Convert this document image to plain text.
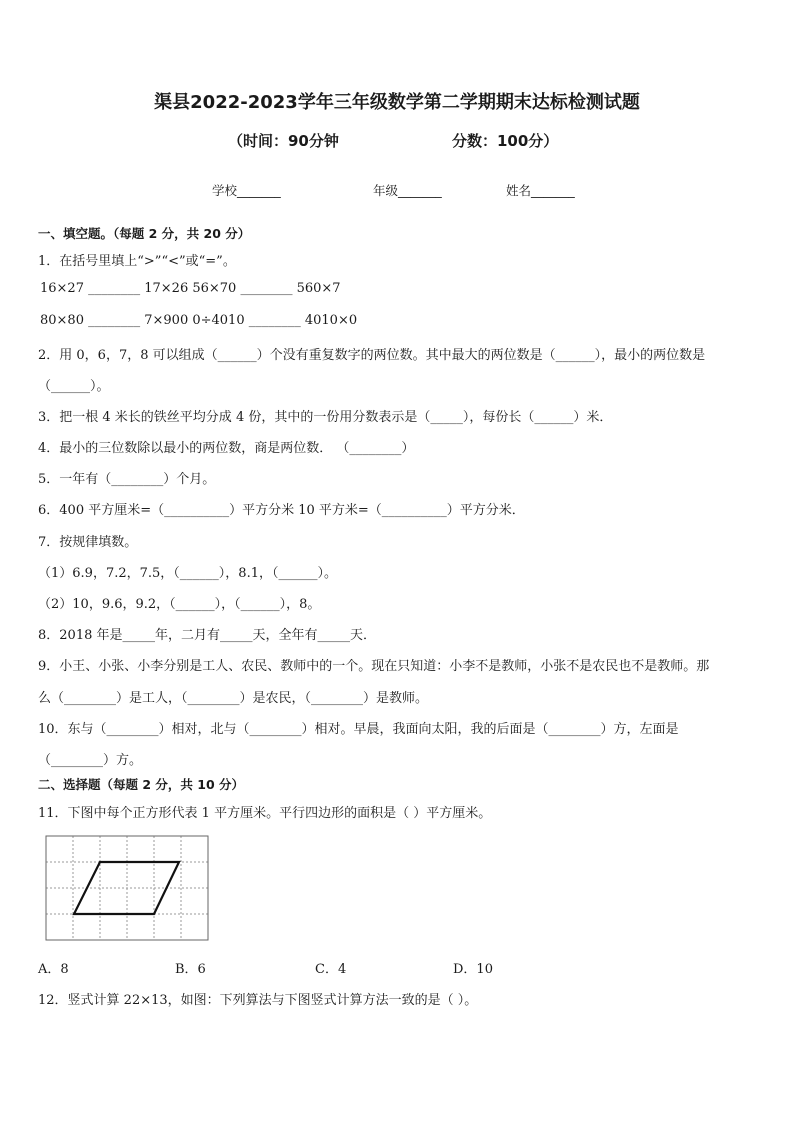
渠县2022-2023学年三年级数学第二学期期末达标检测试题
（时间：90分钟	分数：100分）
学校_______	年级_______	姓名_______
一、填空题。（每题 2 分，共 20 分）
1．在括号里填上“>”“<”或“=”。
16×27 ________ 17×26 56×70 ________ 560×7
80×80 ________ 7×900 0÷4010 ________ 4010×0
2．用 0，6，7，8 可以组成（______）个没有重复数字的两位数。其中最大的两位数是（______），最小的两位数是
（______）。
3．把一根 4 米长的铁丝平均分成 4 份，其中的一份用分数表示是（_____），每份长（______）米．
4．最小的三位数除以最小的两位数，商是两位数． （________）
5．一年有（________）个月。
6．400 平方厘米=（__________）平方分米 10 平方米=（__________）平方分米．
7．按规律填数。
（1）6.9，7.2，7.5，（______），8.1，（______）。
（2）10，9.6，9.2，（______），（______），8。
8．2018 年是_____年，二月有_____天，全年有_____天．
9．小王、小张、小李分别是工人、农民、教师中的一个。现在只知道：小李不是教师，小张不是农民也不是教师。那
么（________）是工人，（________）是农民，（________）是教师。
10．东与（________）相对，北与（________）相对。早晨，我面向太阳，我的后面是（________）方，左面是
（________）方。
二、选择题（每题 2 分，共 10 分）
11．下图中每个正方形代表 1 平方厘米。平行四边形的面积是（ ）平方厘米。
A．8	B．6	C．4	D．10
12．竖式计算 22×13，如图：下列算法与下图竖式计算方法一致的是（ ）。
